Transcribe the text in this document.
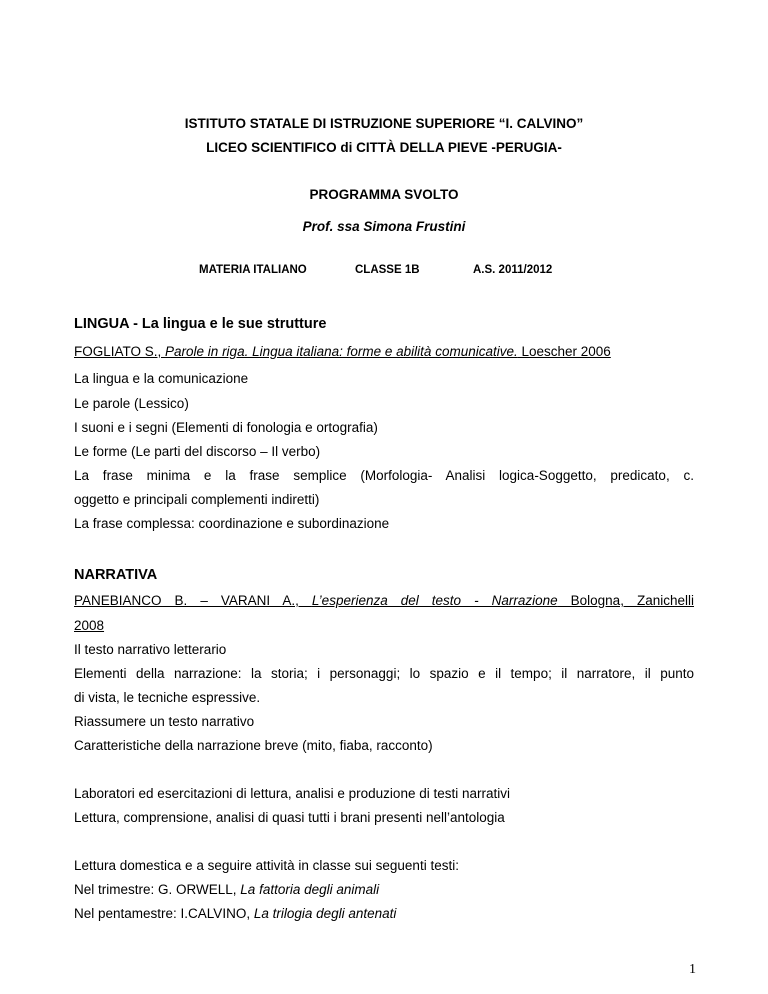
ISTITUTO STATALE DI ISTRUZIONE SUPERIORE “I. CALVINO”
LICEO SCIENTIFICO di CITTÀ DELLA PIEVE -PERUGIA-
PROGRAMMA SVOLTO
Prof. ssa Simona Frustini
MATERIA ITALIANO	CLASSE 1B	A.S. 2011/2012
LINGUA - La lingua e le sue strutture
FOGLIATO S., Parole in riga. Lingua italiana: forme e abilità comunicative. Loescher 2006
La lingua e la comunicazione
Le parole (Lessico)
I suoni e i segni (Elementi di fonologia e ortografia)
Le forme (Le parti del discorso – Il verbo)
La frase minima e la frase semplice (Morfologia- Analisi logica-Soggetto, predicato, c.
oggetto e principali complementi indiretti)
La frase complessa: coordinazione e subordinazione
NARRATIVA
PANEBIANCO B. – VARANI A., L’esperienza del testo - Narrazione Bologna, Zanichelli
2008
Il testo narrativo letterario
Elementi della narrazione: la storia; i personaggi; lo spazio e il tempo; il narratore, il punto
di vista, le tecniche espressive.
Riassumere un testo narrativo
Caratteristiche della narrazione breve (mito, fiaba, racconto)
Laboratori ed esercitazioni di lettura, analisi e produzione di testi narrativi
Lettura, comprensione, analisi di quasi tutti i brani presenti nell’antologia
Lettura domestica e a seguire attività in classe sui seguenti testi:
Nel trimestre: G. ORWELL, La fattoria degli animali
Nel pentamestre: I.CALVINO, La trilogia degli antenati
1
